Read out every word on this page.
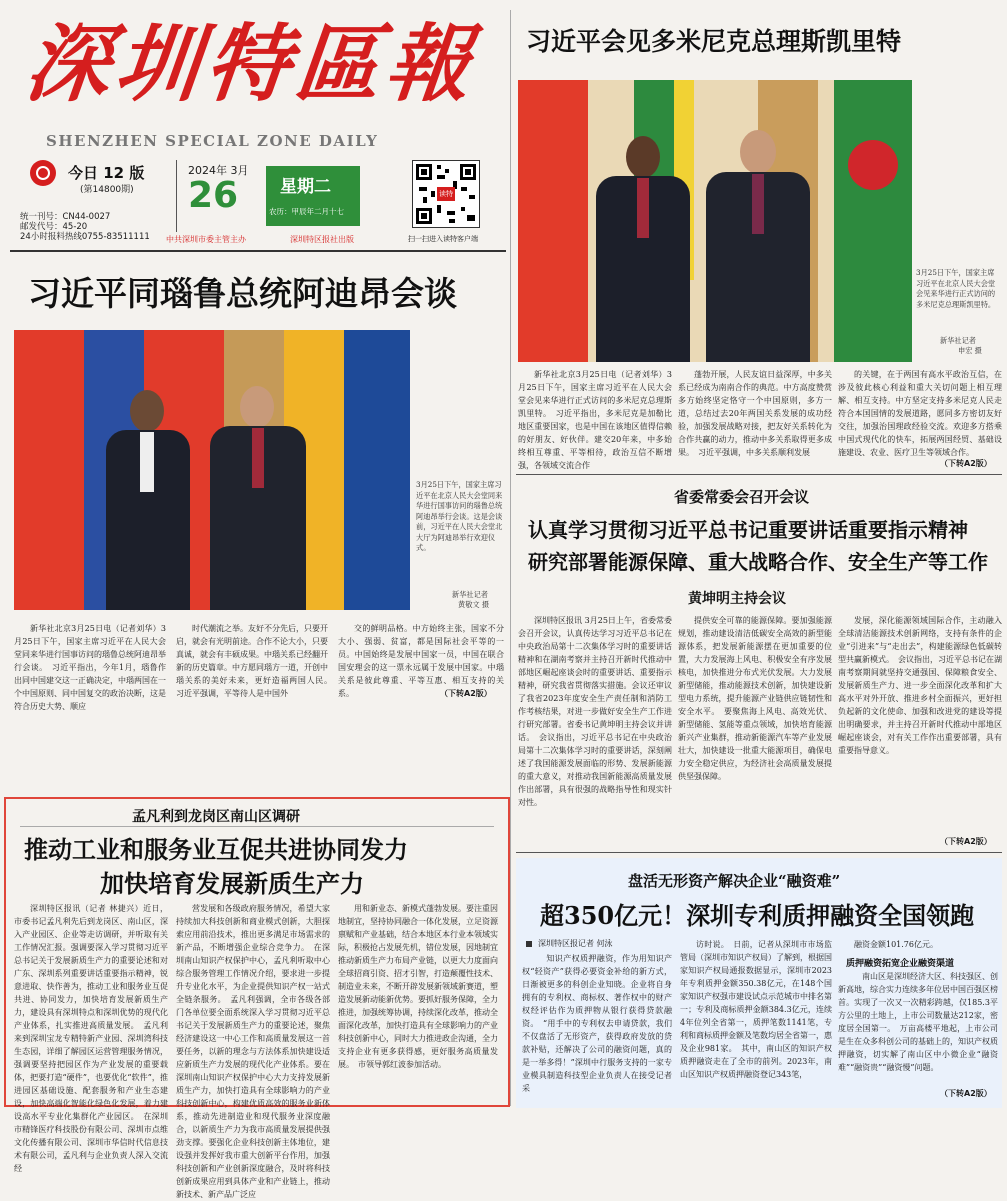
深圳特區報
SHENZHEN SPECIAL ZONE DAILY
今日 12 版
(第14800期)
统一刊号：CN44-0027
邮发代号：45-20
24小时报料热线0755-83511111
2024年 3月
26 星期二
农历：甲辰年二月十七
中共深圳市委主管主办	深圳特区报社出版
读特
扫一扫进入读特客户端
习近平同瑙鲁总统阿迪昂会谈
3月25日下午，国家主席习近平在北京人民大会堂同来华进行国事访问的瑙鲁总统阿迪昂举行会谈。这是会谈前，习近平在人民大会堂北大厅为阿迪昂举行欢迎仪式。
新华社记者
黄敬文 摄

新华社北京3月25日电（记者刘华）3月25日下午，国家主席习近平在人民大会堂同来华进行国事访问的瑙鲁总统阿迪昂举行会谈。　习近平指出，今年1月，瑙鲁作出同中国建交这一正确决定，中瑙两国在一个中国原则、同中国复交的政治决断，这是符合历史大势、顺应

时代潮流之举。友好不分先后，只要开启，就会有光明前途。合作不论大小，只要真诚，就会有丰硕成果。中瑙关系已经翻开新的历史篇章。中方愿同瑙方一道，开创中瑙关系的美好未来，更好造福两国人民。　习近平强调，平等待人是中国外

交的鲜明品格。中方始终主张，国家不分大小、强弱、贫富，都是国际社会平等的一员。中国始终是发展中国家一员，中国在联合国安理会的这一票永远属于发展中国家。中瑙关系是彼此尊重、平等互惠、相互支持的关系。	（下转A2版）
孟凡利到龙岗区南山区调研
推动工业和服务业互促共进协同发力
加快培育发展新质生产力

深圳特区报讯（记者 林捷兴）近日，市委书记孟凡利先后到龙岗区、南山区，深入产业园区、企业等走访调研，并听取有关工作情况汇报。强调要深入学习贯彻习近平总书记关于发展新质生产力的重要论述和对广东、深圳系列重要讲话重要指示精神，锐意进取、快作善为，推动工业和服务业互促共进、协同发力，加快培育发展新质生产力，建设具有深圳特点和深圳优势的现代化产业体系，扎实推进高质量发展。　孟凡利来到深圳宝龙专精特新产业园、深圳湾科技生态园，详细了解园区运营管理服务情况，强调要坚持把园区作为产业发展的重要载体，把要打造“硬件”，也要优化“软件”，推进园区基础设施、配套服务和产业生态建设，加快高端化智能化绿色化发展，着力建设高水平专业化集群化产业园区。　在深圳市精锋医疗科技股份有限公司、深圳市点维文化传播有限公司、深圳市华信时代信息技术有限公司，孟凡利与企业负责人深入交流经

营发展和各级政府服务情况，希望大家持续加大科技创新和商业模式创新，大胆探索应用前沿技术，推出更多满足市场需求的新产品，不断增强企业综合竞争力。　在深圳南山知识产权保护中心，孟凡利听取中心综合服务管理工作情况介绍，要求进一步提升专业化水平，为企业提供知识产权一站式全链条服务。　孟凡利强调，全市各级各部门各单位要全面系统深入学习贯彻习近平总书记关于发展新质生产力的重要论述，聚焦经济建设这一中心工作和高质量发展这一首要任务，以新的理念与方法体系加快建设适应新质生产力发展的现代化产业体系。要在深圳南山知识产权保护中心大力支持发展新质生产力，加快打造具有全球影响力的产业科技创新中心，构建优质高效的服务业新体系，推动先进制造业和现代服务业深度融合，以新质生产力为我市高质量发展提供强劲支撑。要强化企业科技创新主体地位，建设强并发挥好我市重大创新平台作用，加强科技创新和产业创新深度融合，及时将科技创新成果应用到具体产业和产业链上，推动新技术、新产品广泛应

用和新业态、新模式蓬勃发展。要注重因地制宜，坚持协同融合一体化发展，立足资源禀赋和产业基础，结合本地区本行业本领域实际，积极抢占发展先机，错位发展，因地制宜推动新质生产力布局产业链，以更大力度面向全球招商引资、招才引智，打造颠覆性技术、制造业未来，不断开辟发展新领域新赛道，塑造发展新动能新优势。要抓好服务保障，全力推进，加强统筹协调，持续深化改革，推动全面深化改革，加快打造具有全球影响力的产业科技创新中心，同时大力推进政企沟通，全力支持企业有更多获得感，更好服务高质量发展。　市领导郭红波参加活动。

习近平会见多米尼克总理斯凯里特
3月25日下午，国家主席习近平在北京人民大会堂会见来华进行正式访问的多米尼克总理斯凯里特。
新华社记者
申宏 摄

新华社北京3月25日电（记者刘华）3月25日下午，国家主席习近平在人民大会堂会见来华进行正式访问的多米尼克总理斯凯里特。　习近平指出，多米尼克是加勒比地区重要国家，也是中国在该地区值得信赖的好朋友、好伙伴。建交20年来，中多始终相互尊重、平等相待，政治互信不断增强，各领域交流合作

蓬勃开展，人民友谊日益深厚，中多关系已经成为南南合作的典范。中方高度赞赏多方始终坚定恪守一个中国原则，多方一道，总结过去20年两国关系发展的成功经验，加强发展战略对接，把友好关系转化为合作共赢的动力，推动中多关系取得更多成果。　习近平强调，中多关系顺利发展

的关键，在于两国有高水平政治互信，在涉及彼此核心利益和重大关切问题上相互理解、相互支持。中方坚定支持多米尼克人民走符合本国国情的发展道路，愿同多方密切友好交往，加强治国理政经验交流。欢迎多方搭乘中国式现代化的快车，拓展两国经贸、基础设施建设、农业、医疗卫生等领域合作。

（下转A2版）
省委常委会召开会议
认真学习贯彻习近平总书记重要讲话重要指示精神
研究部署能源保障、重大战略合作、安全生产等工作
黄坤明主持会议

深圳特区报讯 3月25日上午，省委常委会召开会议，认真传达学习习近平总书记在中央政治局第十二次集体学习时的重要讲话精神和在湖南考察并主持召开新时代推动中部地区崛起座谈会时的重要讲话、重要指示精神，研究我省贯彻落实措施。会议还审议了我省2023年度安全生产责任制和消防工作考核结果，对进一步做好安全生产工作进行研究部署。省委书记黄坤明主持会议并讲话。　会议指出，习近平总书记在中央政治局第十二次集体学习时的重要讲话，深刻阐述了我国能源发展面临的形势、发展新能源的重大意义，对推动我国新能源高质量发展作出部署，具有很强的战略指导性和现实针对性。

提供安全可靠的能源保障。要加强能源规划，推动建设清洁低碳安全高效的新型能源体系，把发展新能源摆在更加重要的位置，大力发展海上风电、积极安全有序发展核电，加快推进分布式光伏发展。大力发展新型储能，推动能源技术创新，加快建设新型电力系统，提升能源产业链供应链韧性和安全水平。　要聚焦海上风电、高效光伏、新型储能、氢能等重点领域，加快培育能源新兴产业集群，推动新能源汽车等产业发展壮大，加快建设一批重大能源项目，确保电力安全稳定供应，为经济社会高质量发展提供坚强保障。

发展，深化能源领域国际合作，主动融入全球清洁能源技术创新网络，支持有条件的企业“引进来”与“走出去”，构建能源绿色低碳转型共赢新模式。　会议指出，习近平总书记在湖南考察期间就坚持交通强国、保障粮食安全、发展新质生产力、进一步全面深化改革和扩大高水平对外开放、推进乡村全面振兴，更好担负起新的文化使命、加强和改进党的建设等提出明确要求，并主持召开新时代推动中部地区崛起座谈会，对有关工作作出重要部署，具有重要指导意义。

（下转A2版）
盘活无形资产解决企业“融资难”
超350亿元！深圳专利质押融资全国领跑
深圳特区报记者 何泳

　知识产权质押融资，作为用知识产权“轻资产”获得必要资金补给的新方式，日渐被更多的科创企业知晓。企业将自身拥有的专利权、商标权、著作权中的财产权经评估作为质押物从银行获得贷款融资。　“用手中的专利权去申请贷款，我们不仅盘活了无形资产，获得政府发放的贷款补贴，还解决了公司的融资问题，真的是一举多得！”深圳中行服务支持的一家专业模具制造科技型企业负责人在接受记者采

访时说。　日前，记者从深圳市市场监管局（深圳市知识产权局）了解到，根据国家知识产权局通报数据显示，深圳市2023年专利质押金额350.38亿元，在148个国家知识产权强市建设试点示范城市中排名第一；专利及商标质押金额384.3亿元，连续4年位列全省第一，质押笔数1141笔，专利和商标质押金额及笔数均居全省第一，惠及企业981家。　其中，南山区的知识产权质押融资走在了全市的前列。2023年，南山区知识产权质押融资登记343笔，

融资金额101.76亿元。

质押融资拓宽企业融资渠道

　南山区是深圳经济大区、科技强区、创新高地，综合实力连续多年位居中国百强区榜首。实现了一次又一次精彩跨越，仅185.3平方公里的土地上，上市公司数量达212家，密度居全国第一。　万亩高楼平地起，上市公司是生在众多科创公司的基础上的，知识产权质押融资，切实解了南山区中小微企业“融资难”“融资贵”“融资慢”问题。

（下转A2版）
